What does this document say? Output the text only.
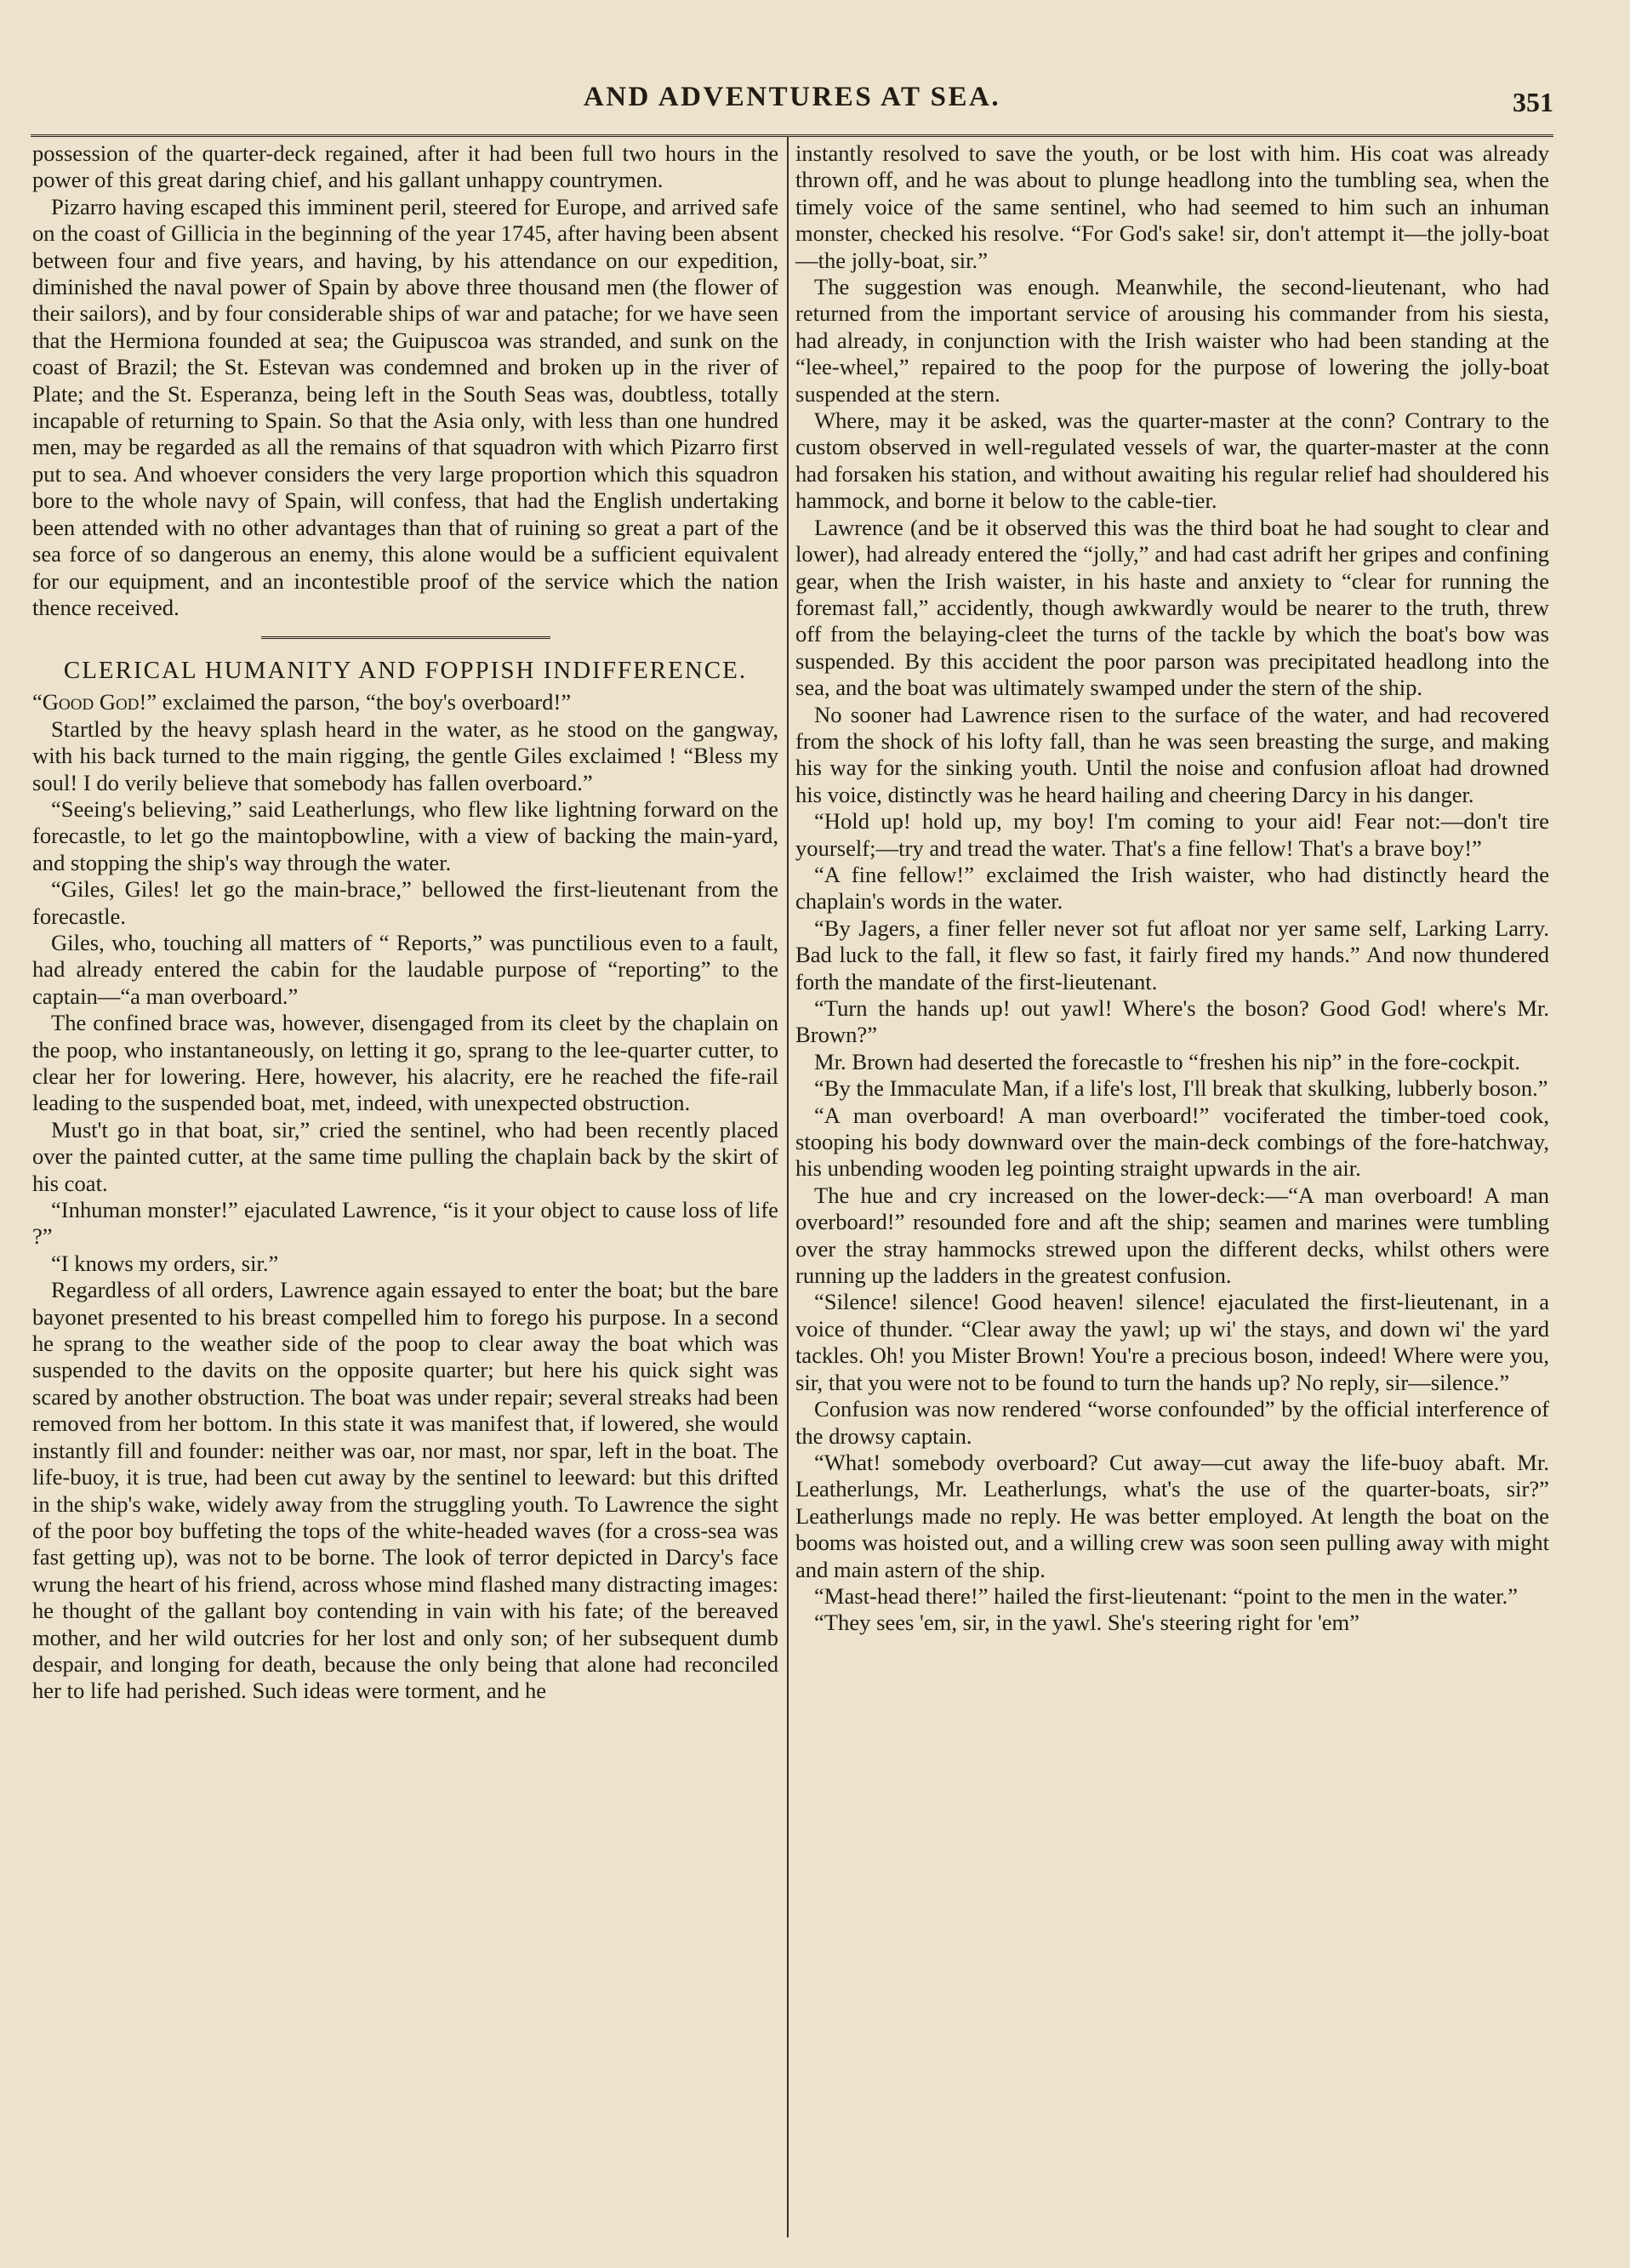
AND ADVENTURES AT SEA.	351

possession of the quarter-deck regained, after it had been full two hours in the power of this great daring chief, and his gallant unhappy countrymen.

Pizarro having escaped this imminent peril, steered for Europe, and arrived safe on the coast of Gillicia in the beginning of the year 1745, after having been absent between four and five years, and having, by his attendance on our expedition, diminished the naval power of Spain by above three thousand men (the flower of their sailors), and by four considerable ships of war and patache; for we have seen that the Hermiona founded at sea; the Guipuscoa was stranded, and sunk on the coast of Brazil; the St. Estevan was condemned and broken up in the river of Plate; and the St. Esperanza, being left in the South Seas was, doubtless, totally incapable of returning to Spain. So that the Asia only, with less than one hundred men, may be regarded as all the remains of that squadron with which Pizarro first put to sea. And whoever considers the very large proportion which this squadron bore to the whole navy of Spain, will confess, that had the English undertaking been attended with no other advantages than that of ruining so great a part of the sea force of so dangerous an enemy, this alone would be a sufficient equivalent for our equipment, and an incontestible proof of the service which the nation thence received.

CLERICAL HUMANITY AND FOPPISH INDIFFERENCE.

“Good God!” exclaimed the parson, “the boy's overboard!”

Startled by the heavy splash heard in the water, as he stood on the gangway, with his back turned to the main rigging, the gentle Giles exclaimed ! “Bless my soul! I do verily believe that somebody has fallen overboard.”

“Seeing's believing,” said Leatherlungs, who flew like lightning forward on the forecastle, to let go the maintopbowline, with a view of backing the main-yard, and stopping the ship's way through the water.

“Giles, Giles! let go the main-brace,” bellowed the first-lieutenant from the forecastle.

Giles, who, touching all matters of “ Reports,” was punctilious even to a fault, had already entered the cabin for the laudable purpose of “reporting” to the captain—“a man overboard.”

The confined brace was, however, disengaged from its cleet by the chaplain on the poop, who instantaneously, on letting it go, sprang to the lee-quarter cutter, to clear her for lowering. Here, however, his alacrity, ere he reached the fife-rail leading to the suspended boat, met, indeed, with unexpected obstruction.

Must't go in that boat, sir,” cried the sentinel, who had been recently placed over the painted cutter, at the same time pulling the chaplain back by the skirt of his coat.

“Inhuman monster!” ejaculated Lawrence, “is it your object to cause loss of life ?”

“I knows my orders, sir.”

Regardless of all orders, Lawrence again essayed to enter the boat; but the bare bayonet presented to his breast compelled him to forego his purpose. In a second he sprang to the weather side of the poop to clear away the boat which was suspended to the davits on the opposite quarter; but here his quick sight was scared by another obstruction. The boat was under repair; several streaks had been removed from her bottom. In this state it was manifest that, if lowered, she would instantly fill and founder: neither was oar, nor mast, nor spar, left in the boat. The life-buoy, it is true, had been cut away by the sentinel to leeward: but this drifted in the ship's wake, widely away from the struggling youth. To Lawrence the sight of the poor boy buffeting the tops of the white-headed waves (for a cross-sea was fast getting up), was not to be borne. The look of terror depicted in Darcy's face wrung the heart of his friend, across whose mind flashed many distracting images: he thought of the gallant boy contending in vain with his fate; of the bereaved mother, and her wild outcries for her lost and only son; of her subsequent dumb despair, and longing for death, because the only being that alone had reconciled her to life had perished. Such ideas were torment, and he

instantly resolved to save the youth, or be lost with him. His coat was already thrown off, and he was about to plunge headlong into the tumbling sea, when the timely voice of the same sentinel, who had seemed to him such an inhuman monster, checked his resolve. “For God's sake! sir, don't attempt it—the jolly-boat—the jolly-boat, sir.”

The suggestion was enough. Meanwhile, the second-lieutenant, who had returned from the important service of arousing his commander from his siesta, had already, in conjunction with the Irish waister who had been standing at the “lee-wheel,” repaired to the poop for the purpose of lowering the jolly-boat suspended at the stern.

Where, may it be asked, was the quarter-master at the conn? Contrary to the custom observed in well-regulated vessels of war, the quarter-master at the conn had forsaken his station, and without awaiting his regular relief had shouldered his hammock, and borne it below to the cable-tier.

Lawrence (and be it observed this was the third boat he had sought to clear and lower), had already entered the “jolly,” and had cast adrift her gripes and confining gear, when the Irish waister, in his haste and anxiety to “clear for running the foremast fall,” accidently, though awkwardly would be nearer to the truth, threw off from the belaying-cleet the turns of the tackle by which the boat's bow was suspended. By this accident the poor parson was precipitated headlong into the sea, and the boat was ultimately swamped under the stern of the ship.

No sooner had Lawrence risen to the surface of the water, and had recovered from the shock of his lofty fall, than he was seen breasting the surge, and making his way for the sinking youth. Until the noise and confusion afloat had drowned his voice, distinctly was he heard hailing and cheering Darcy in his danger.

“Hold up! hold up, my boy! I'm coming to your aid! Fear not:—don't tire yourself;—try and tread the water. That's a fine fellow! That's a brave boy!”

“A fine fellow!” exclaimed the Irish waister, who had distinctly heard the chaplain's words in the water.

“By Jagers, a finer feller never sot fut afloat nor yer same self, Larking Larry. Bad luck to the fall, it flew so fast, it fairly fired my hands.” And now thundered forth the mandate of the first-lieutenant.

“Turn the hands up! out yawl! Where's the boson? Good God! where's Mr. Brown?”

Mr. Brown had deserted the forecastle to “freshen his nip” in the fore-cockpit.

“By the Immaculate Man, if a life's lost, I'll break that skulking, lubberly boson.”

“A man overboard! A man overboard!” vociferated the timber-toed cook, stooping his body downward over the main-deck combings of the fore-hatchway, his unbending wooden leg pointing straight upwards in the air.

The hue and cry increased on the lower-deck:—“A man overboard! A man overboard!” resounded fore and aft the ship; seamen and marines were tumbling over the stray hammocks strewed upon the different decks, whilst others were running up the ladders in the greatest confusion.

“Silence! silence! Good heaven! silence! ejaculated the first-lieutenant, in a voice of thunder. “Clear away the yawl; up wi' the stays, and down wi' the yard tackles. Oh! you Mister Brown! You're a precious boson, indeed! Where were you, sir, that you were not to be found to turn the hands up? No reply, sir—silence.”

Confusion was now rendered “worse confounded” by the official interference of the drowsy captain.

“What! somebody overboard? Cut away—cut away the life-buoy abaft. Mr. Leatherlungs, Mr. Leatherlungs, what's the use of the quarter-boats, sir?” Leatherlungs made no reply. He was better employed. At length the boat on the booms was hoisted out, and a willing crew was soon seen pulling away with might and main astern of the ship.

“Mast-head there!” hailed the first-lieutenant: “point to the men in the water.”

“They sees 'em, sir, in the yawl. She's steering right for 'em”
